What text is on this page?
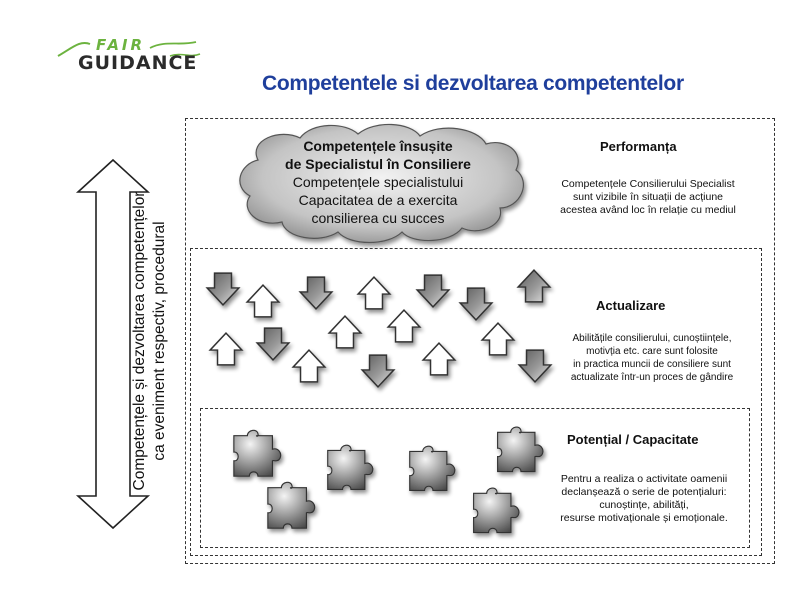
FAIR
GUIDANCE
Competentele si dezvoltarea competentelor
Competențele și dezvoltarea competențelor ca eveniment respectiv, procedural
Competențele însușite
de Specialistul în Consiliere
Competențele specialistului
Capacitatea de a exercita
consilierea cu succes
Performanța
Competențele Consilierului Specialist
sunt vizibile în situații de acțiune
acestea având loc în relație cu mediul
Actualizare
Abilitățile consilierului, cunoștiințele,
motivția etc. care sunt folosite
in practica muncii de consiliere sunt
actualizate într-un proces de gândire
Potențial / Capacitate
Pentru a realiza o activitate oamenii
declanșează o serie de potențialuri:
cunoștințe, abilități,
resurse motivaționale și emoționale.
